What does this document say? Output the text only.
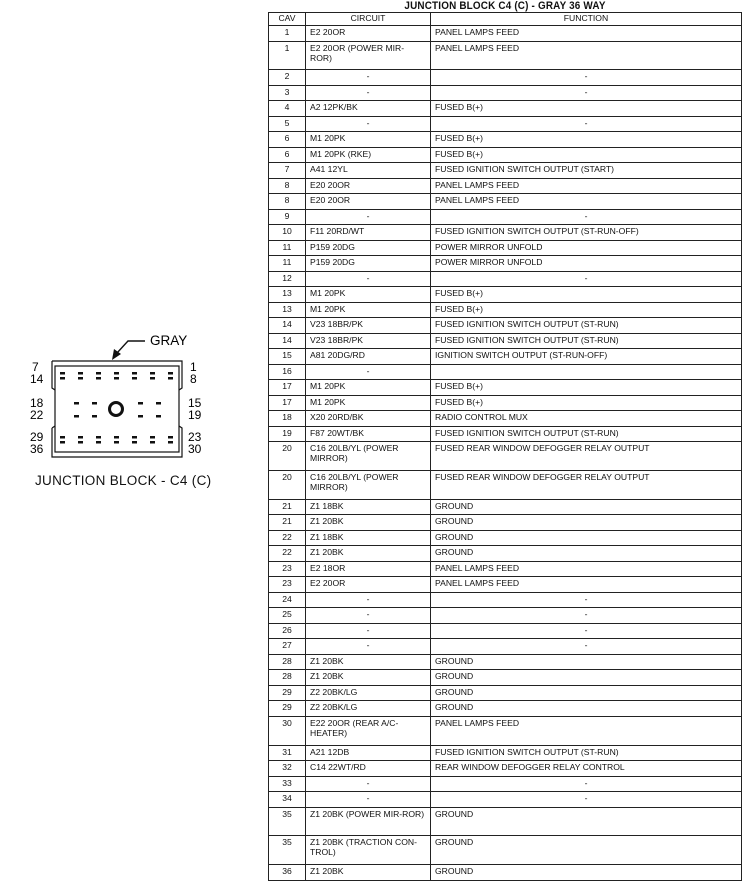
JUNCTION BLOCK C4 (C) - GRAY 36 WAY
CAV	CIRCUIT	FUNCTION
1	E2 20OR	PANEL LAMPS FEED
1	E2 20OR (POWER MIR-ROR)	PANEL LAMPS FEED
2	-	-
3	-	-
4	A2 12PK/BK	FUSED B(+)
5	-	-
6	M1 20PK	FUSED B(+)
6	M1 20PK (RKE)	FUSED B(+)
7	A41 12YL	FUSED IGNITION SWITCH OUTPUT (START)
8	E20 20OR	PANEL LAMPS FEED
8	E20 20OR	PANEL LAMPS FEED
9	-	-
10	F11 20RD/WT	FUSED IGNITION SWITCH OUTPUT (ST-RUN-OFF)
11	P159 20DG	POWER MIRROR UNFOLD
11	P159 20DG	POWER MIRROR UNFOLD
12	-	-
13	M1 20PK	FUSED B(+)
13	M1 20PK	FUSED B(+)
14	V23 18BR/PK	FUSED IGNITION SWITCH OUTPUT (ST-RUN)
14	V23 18BR/PK	FUSED IGNITION SWITCH OUTPUT (ST-RUN)
15	A81 20DG/RD	IGNITION SWITCH OUTPUT (ST-RUN-OFF)
16	-	
17	M1 20PK	FUSED B(+)
17	M1 20PK	FUSED B(+)
18	X20 20RD/BK	RADIO CONTROL MUX
19	F87 20WT/BK	FUSED IGNITION SWITCH OUTPUT (ST-RUN)
20	C16 20LB/YL (POWER MIRROR)	FUSED REAR WINDOW DEFOGGER RELAY OUTPUT
20	C16 20LB/YL (POWER MIRROR)	FUSED REAR WINDOW DEFOGGER RELAY OUTPUT
21	Z1 18BK	GROUND
21	Z1 20BK	GROUND
22	Z1 18BK	GROUND
22	Z1 20BK	GROUND
23	E2 18OR	PANEL LAMPS FEED
23	E2 20OR	PANEL LAMPS FEED
24	-	-
25	-	-
26	-	-
27	-	-
28	Z1 20BK	GROUND
28	Z1 20BK	GROUND
29	Z2 20BK/LG	GROUND
29	Z2 20BK/LG	GROUND
30	E22 20OR (REAR A/C-HEATER)	PANEL LAMPS FEED
31	A21 12DB	FUSED IGNITION SWITCH OUTPUT (ST-RUN)
32	C14 22WT/RD	REAR WINDOW DEFOGGER RELAY CONTROL
33	-	-
34	-	-
35	Z1 20BK (POWER MIR-ROR)	GROUND
35	Z1 20BK (TRACTION CON-TROL)	GROUND
36	Z1 20BK	GROUND
GRAY
7
14
1
8
18
22
15
19
29
36
23
30
JUNCTION BLOCK - C4 (C)
